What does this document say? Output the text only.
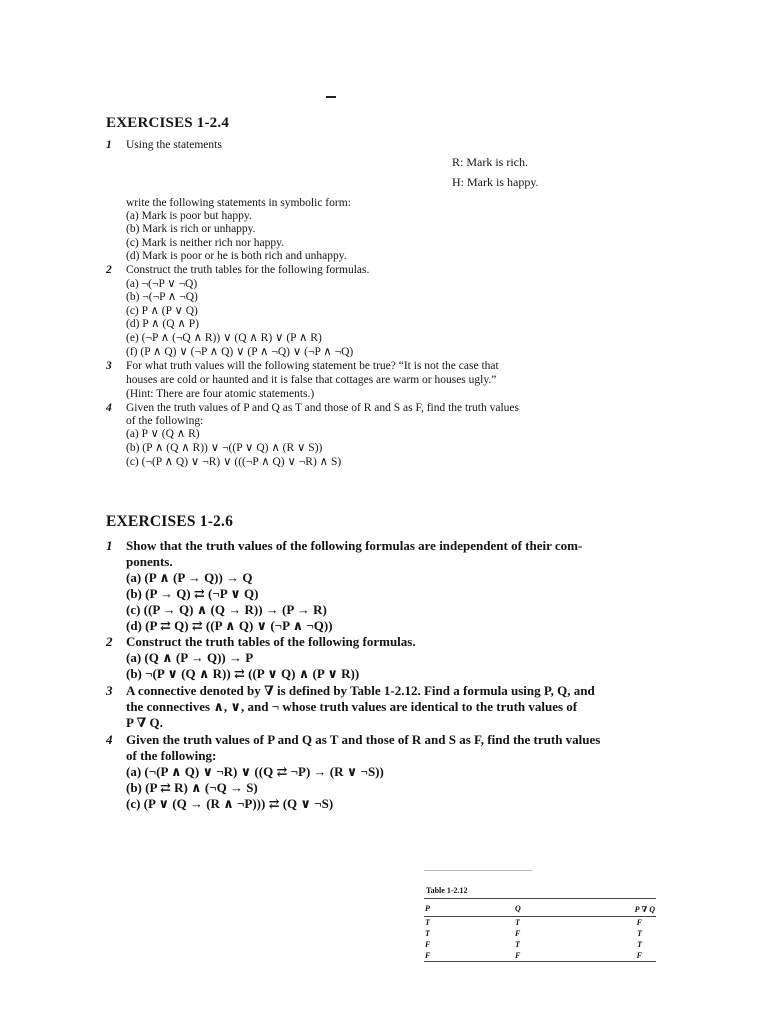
EXERCISES 1-2.4
1 Using the statements
R: Mark is rich.
H: Mark is happy.
write the following statements in symbolic form:
(a) Mark is poor but happy.
(b) Mark is rich or unhappy.
(c) Mark is neither rich nor happy.
(d) Mark is poor or he is both rich and unhappy.
2 Construct the truth tables for the following formulas.
(a) ¬(¬P ∨ ¬Q)
(b) ¬(¬P ∧ ¬Q)
(c) P ∧ (P ∨ Q)
(d) P ∧ (Q ∧ P)
(e) (¬P ∧ (¬Q ∧ R)) ∨ (Q ∧ R) ∨ (P ∧ R)
(f) (P ∧ Q) ∨ (¬P ∧ Q) ∨ (P ∧ ¬Q) ∨ (¬P ∧ ¬Q)
3 For what truth values will the following statement be true? “It is not the case that
houses are cold or haunted and it is false that cottages are warm or houses ugly.”
(Hint: There are four atomic statements.)
4 Given the truth values of P and Q as T and those of R and S as F, find the truth values
of the following:
(a) P ∨ (Q ∧ R)
(b) (P ∧ (Q ∧ R)) ∨ ¬((P ∨ Q) ∧ (R ∨ S))
(c) (¬(P ∧ Q) ∨ ¬R) ∨ (((¬P ∧ Q) ∨ ¬R) ∧ S)
EXERCISES 1-2.6
1 Show that the truth values of the following formulas are independent of their com-
ponents.
(a) (P ∧ (P → Q)) → Q
(b) (P → Q) ⇄ (¬P ∨ Q)
(c) ((P → Q) ∧ (Q → R)) → (P → R)
(d) (P ⇄ Q) ⇄ ((P ∧ Q) ∨ (¬P ∧ ¬Q))
2 Construct the truth tables of the following formulas.
(a) (Q ∧ (P → Q)) → P
(b) ¬(P ∨ (Q ∧ R)) ⇄ ((P ∨ Q) ∧ (P ∨ R))
3 A connective denoted by ∇ is defined by Table 1-2.12. Find a formula using P, Q, and
the connectives ∧, ∨, and ¬ whose truth values are identical to the truth values of
P ∇ Q.
4 Given the truth values of P and Q as T and those of R and S as F, find the truth values
of the following:
(a) (¬(P ∧ Q) ∨ ¬R) ∨ ((Q ⇄ ¬P) → (R ∨ ¬S))
(b) (P ⇄ R) ∧ (¬Q → S)
(c) (P ∨ (Q → (R ∧ ¬P))) ⇄ (Q ∨ ¬S)
Table 1-2.12
P	Q	P ∇ Q

T	T	F
T	F	T
F	T	T
F	F	F
